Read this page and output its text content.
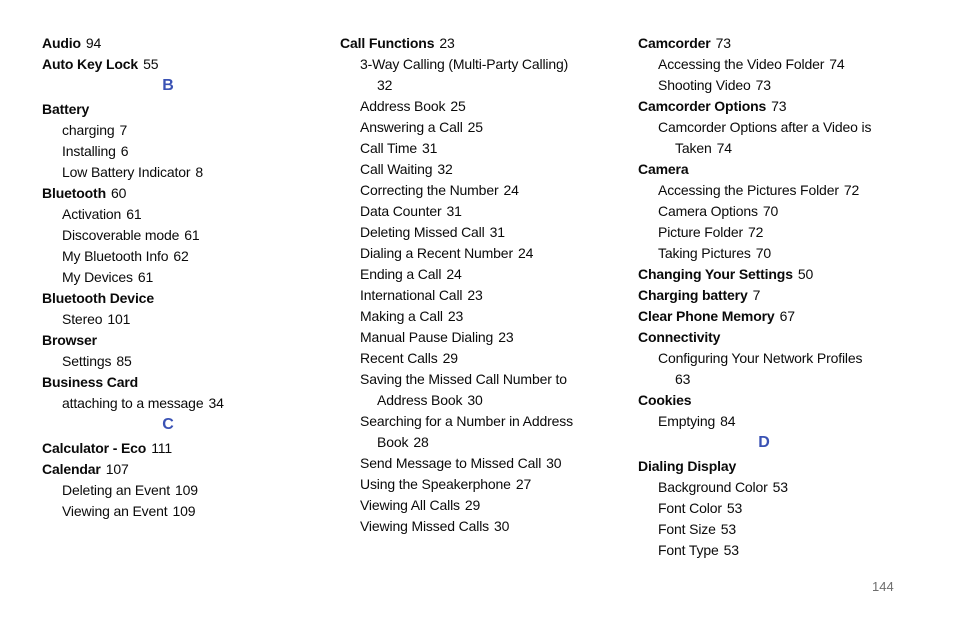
Audio 94
Auto Key Lock 55
B
Battery
charging 7
Installing 6
Low Battery Indicator 8
Bluetooth 60
Activation 61
Discoverable mode 61
My Bluetooth Info 62
My Devices 61
Bluetooth Device
Stereo 101
Browser
Settings 85
Business Card
attaching to a message 34
C
Calculator - Eco 111
Calendar 107
Deleting an Event 109
Viewing an Event 109
Call Functions 23
3-Way Calling (Multi-Party Calling)
32
Address Book 25
Answering a Call 25
Call Time 31
Call Waiting 32
Correcting the Number 24
Data Counter 31
Deleting Missed Call 31
Dialing a Recent Number 24
Ending a Call 24
International Call 23
Making a Call 23
Manual Pause Dialing 23
Recent Calls 29
Saving the Missed Call Number to
Address Book 30
Searching for a Number in Address
Book 28
Send Message to Missed Call 30
Using the Speakerphone 27
Viewing All Calls 29
Viewing Missed Calls 30
Camcorder 73
Accessing the Video Folder 74
Shooting Video 73
Camcorder Options 73
Camcorder Options after a Video is
Taken 74
Camera
Accessing the Pictures Folder 72
Camera Options 70
Picture Folder 72
Taking Pictures 70
Changing Your Settings 50
Charging battery 7
Clear Phone Memory 67
Connectivity
Configuring Your Network Profiles
63
Cookies
Emptying 84
D
Dialing Display
Background Color 53
Font Color 53
Font Size 53
Font Type 53
144
